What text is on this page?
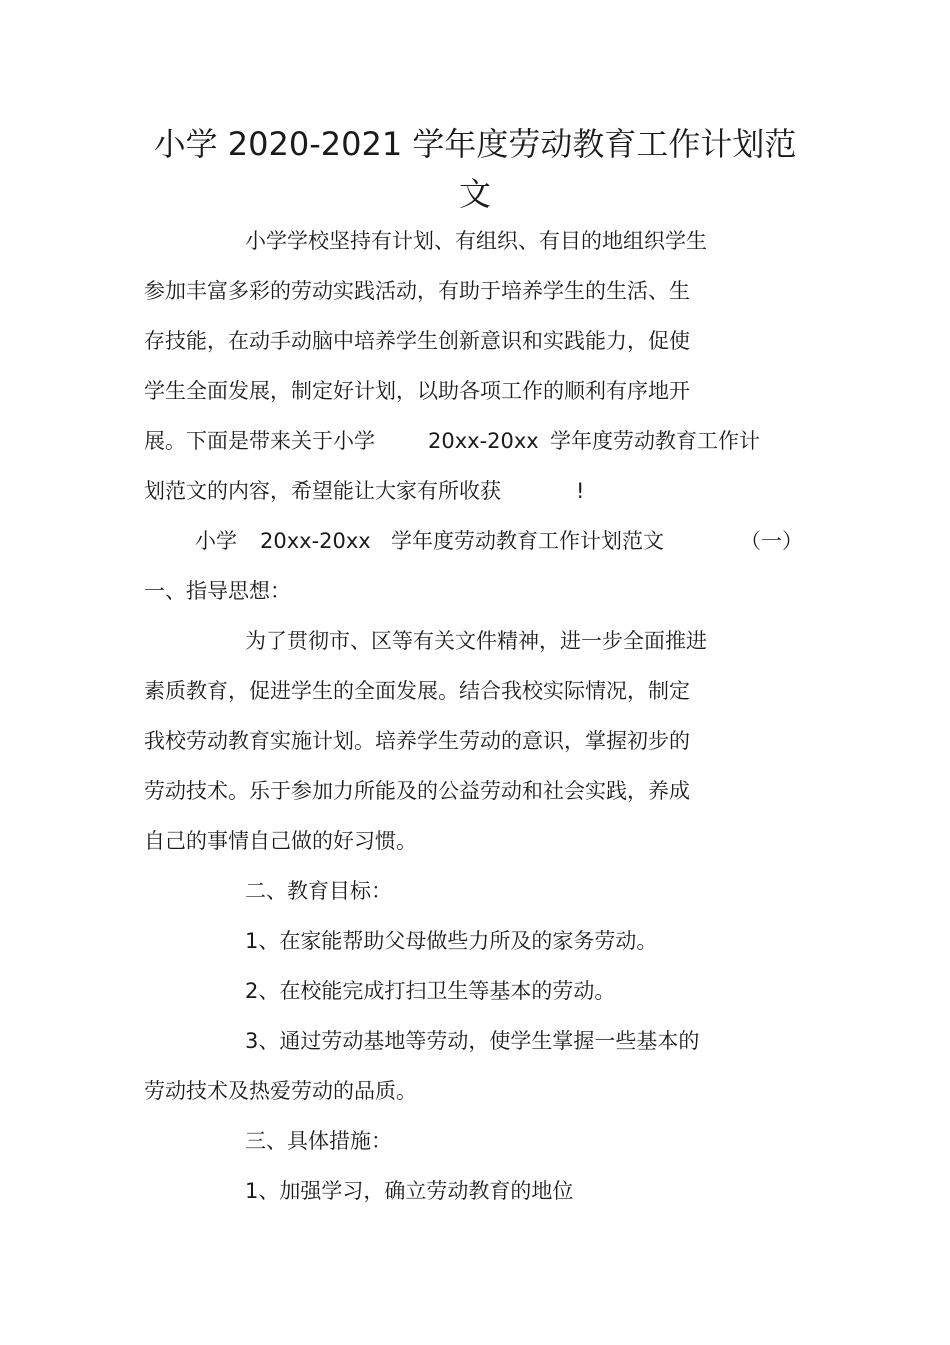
小学 2020-2021 学年度劳动教育工作计划范
文
小学学校坚持有计划、有组织、有目的地组织学生
参加丰富多彩的劳动实践活动，有助于培养学生的生活、生
存技能，在动手动脑中培养学生创新意识和实践能力，促使
学生全面发展，制定好计划，以助各项工作的顺利有序地开
展。下面是带来关于小学	20xx-20xx 学年度劳动教育工作计
划范文的内容，希望能让大家有所收获	!
小学 20xx-20xx 学年度劳动教育工作计划范文	（一）
一、指导思想：
为了贯彻市、区等有关文件精神，进一步全面推进
素质教育，促进学生的全面发展。结合我校实际情况，制定
我校劳动教育实施计划。培养学生劳动的意识，掌握初步的
劳动技术。乐于参加力所能及的公益劳动和社会实践，养成
自己的事情自己做的好习惯。
二、教育目标：
1、在家能帮助父母做些力所及的家务劳动。
2、在校能完成打扫卫生等基本的劳动。
3、通过劳动基地等劳动，使学生掌握一些基本的
劳动技术及热爱劳动的品质。
三、具体措施：
1、加强学习，确立劳动教育的地位
